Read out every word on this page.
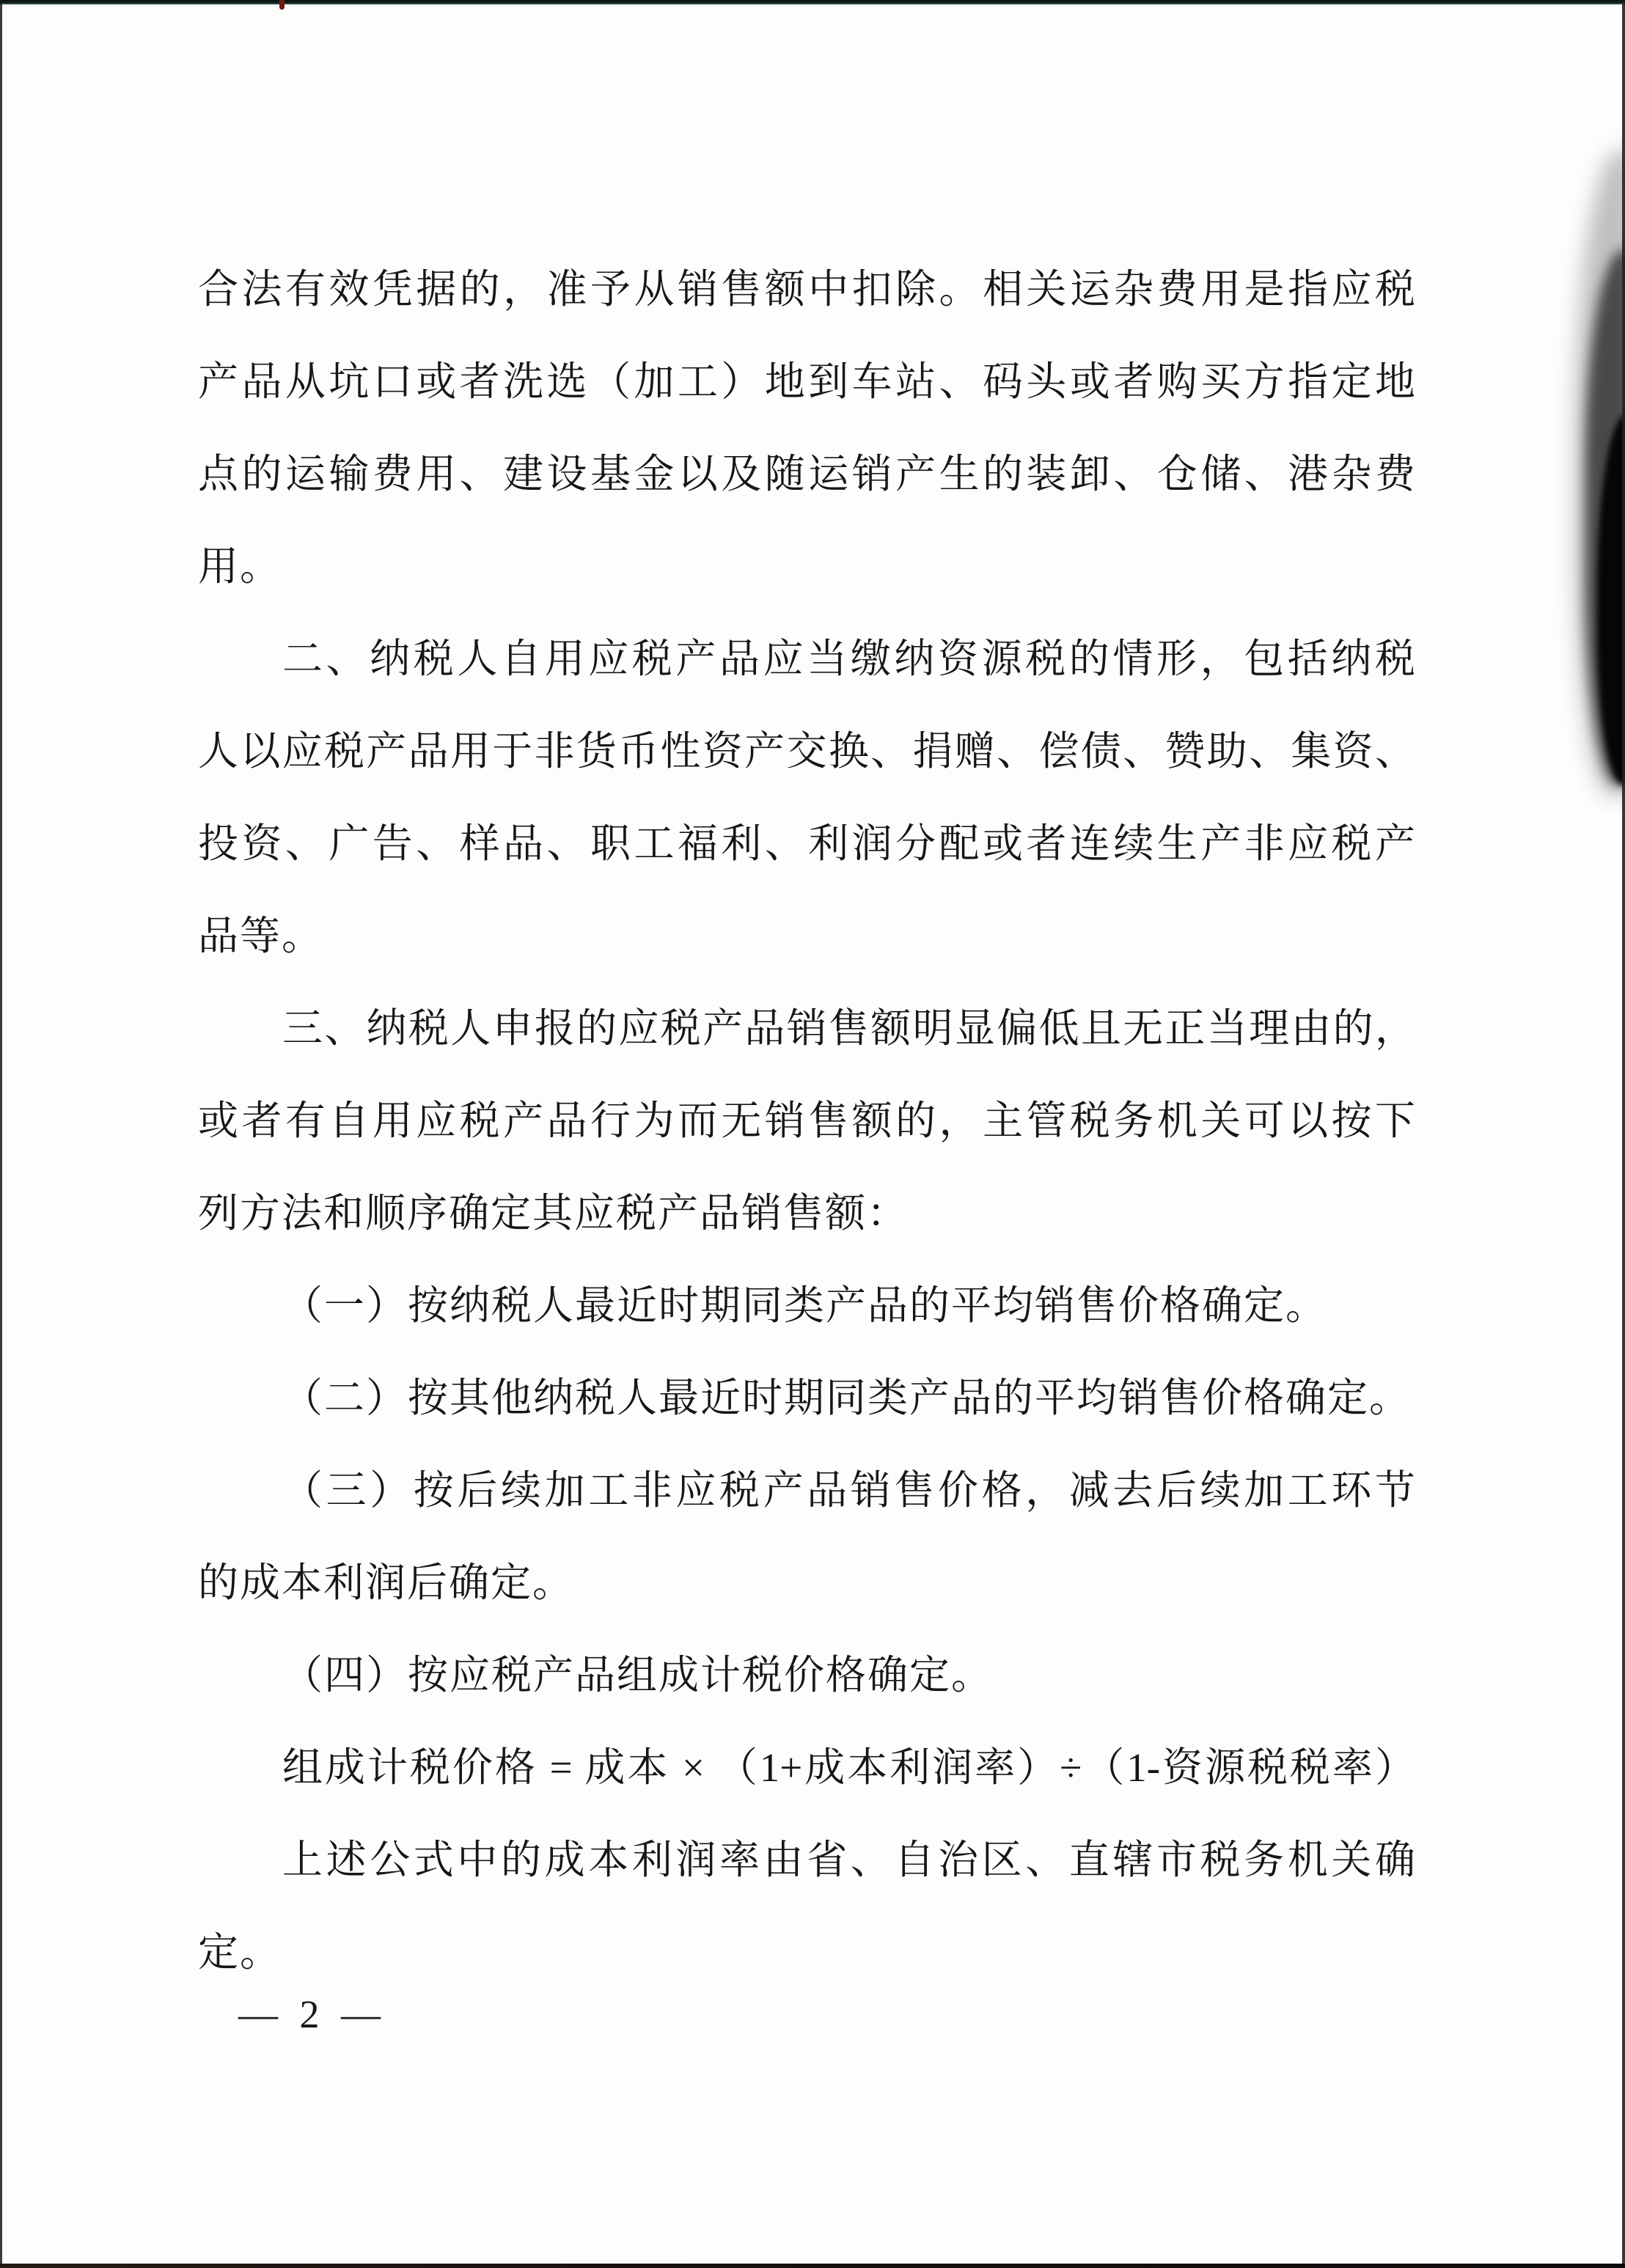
合法有效凭据的，准予从销售额中扣除。相关运杂费用是指应税
产品从坑口或者洗选（加工）地到车站、码头或者购买方指定地
点的运输费用、建设基金以及随运销产生的装卸、仓储、港杂费
用。
二、纳税人自用应税产品应当缴纳资源税的情形，包括纳税
人以应税产品用于非货币性资产交换、捐赠、偿债、赞助、集资、
投资、广告、样品、职工福利、利润分配或者连续生产非应税产
品等。
三、纳税人申报的应税产品销售额明显偏低且无正当理由的，
或者有自用应税产品行为而无销售额的，主管税务机关可以按下
列方法和顺序确定其应税产品销售额：
（一）按纳税人最近时期同类产品的平均销售价格确定。
（二）按其他纳税人最近时期同类产品的平均销售价格确定。
（三）按后续加工非应税产品销售价格，减去后续加工环节
的成本利润后确定。
（四）按应税产品组成计税价格确定。
组成计税价格 = 成本 × （1+成本利润率）÷（1-资源税税率）
上述公式中的成本利润率由省、自治区、直辖市税务机关确
定。
— 2 —
